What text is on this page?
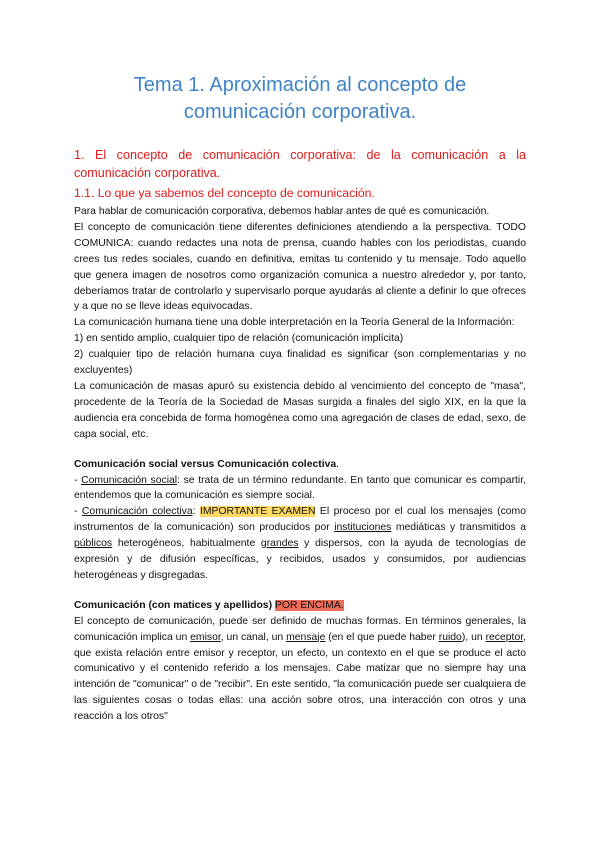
Tema 1. Aproximación al concepto de
comunicación corporativa.
1. El concepto de comunicación corporativa: de la comunicación a la comunicación corporativa.
1.1. Lo que ya sabemos del concepto de comunicación.

Para hablar de comunicación corporativa, debemos hablar antes de qué es comunicación.

El concepto de comunicación tiene diferentes definiciones atendiendo a la perspectiva. TODO COMUNICA: cuando redactes una nota de prensa, cuando hables con los periodistas, cuando crees tus redes sociales, cuando en definitiva, emitas tu contenido y tu mensaje. Todo aquello que genera imagen de nosotros como organización comunica a nuestro alrededor y, por tanto, deberíamos tratar de controlarlo y supervisarlo porque ayudarás al cliente a definir lo que ofreces y a que no se lleve ideas equivocadas.

La comunicación humana tiene una doble interpretación en la Teoría General de la Información:

1) en sentido amplio, cualquier tipo de relación (comunicación implícita)

2) cualquier tipo de relación humana cuya finalidad es significar (son complementarias y no excluyentes)

La comunicación de masas apuró su existencia debido al vencimiento del concepto de "masa", procedente de la Teoría de la Sociedad de Masas surgida a finales del siglo XIX, en la que la audiencia era concebida de forma homogénea como una agregación de clases de edad, sexo, de capa social, etc.

Comunicación social versus Comunicación colectiva.

- Comunicación social: se trata de un término redundante. En tanto que comunicar es compartir, entendemos que la comunicación es siempre social.

- Comunicación colectiva: IMPORTANTE EXAMEN El proceso por el cual los mensajes (como instrumentos de la comunicación) son producidos por instituciones mediáticas y transmitidos a públicos heterogéneos, habitualmente grandes y dispersos, con la ayuda de tecnologías de expresión y de difusión específicas, y recibidos, usados y consumidos, por audiencias heterogéneas y disgregadas.

Comunicación (con matices y apellidos) POR ENCIMA.

El concepto de comunicación, puede ser definido de muchas formas. En términos generales, la comunicación implica un emisor, un canal, un mensaje (en el que puede haber ruido), un receptor, que exista relación entre emisor y receptor, un efecto, un contexto en el que se produce el acto comunicativo y el contenido referido a los mensajes. Cabe matizar que no siempre hay una intención de "comunicar" o de "recibir". En este sentido, "la comunicación puede ser cualquiera de las siguientes cosas o todas ellas: una acción sobre otros, una interacción con otros y una reacción a los otros"
